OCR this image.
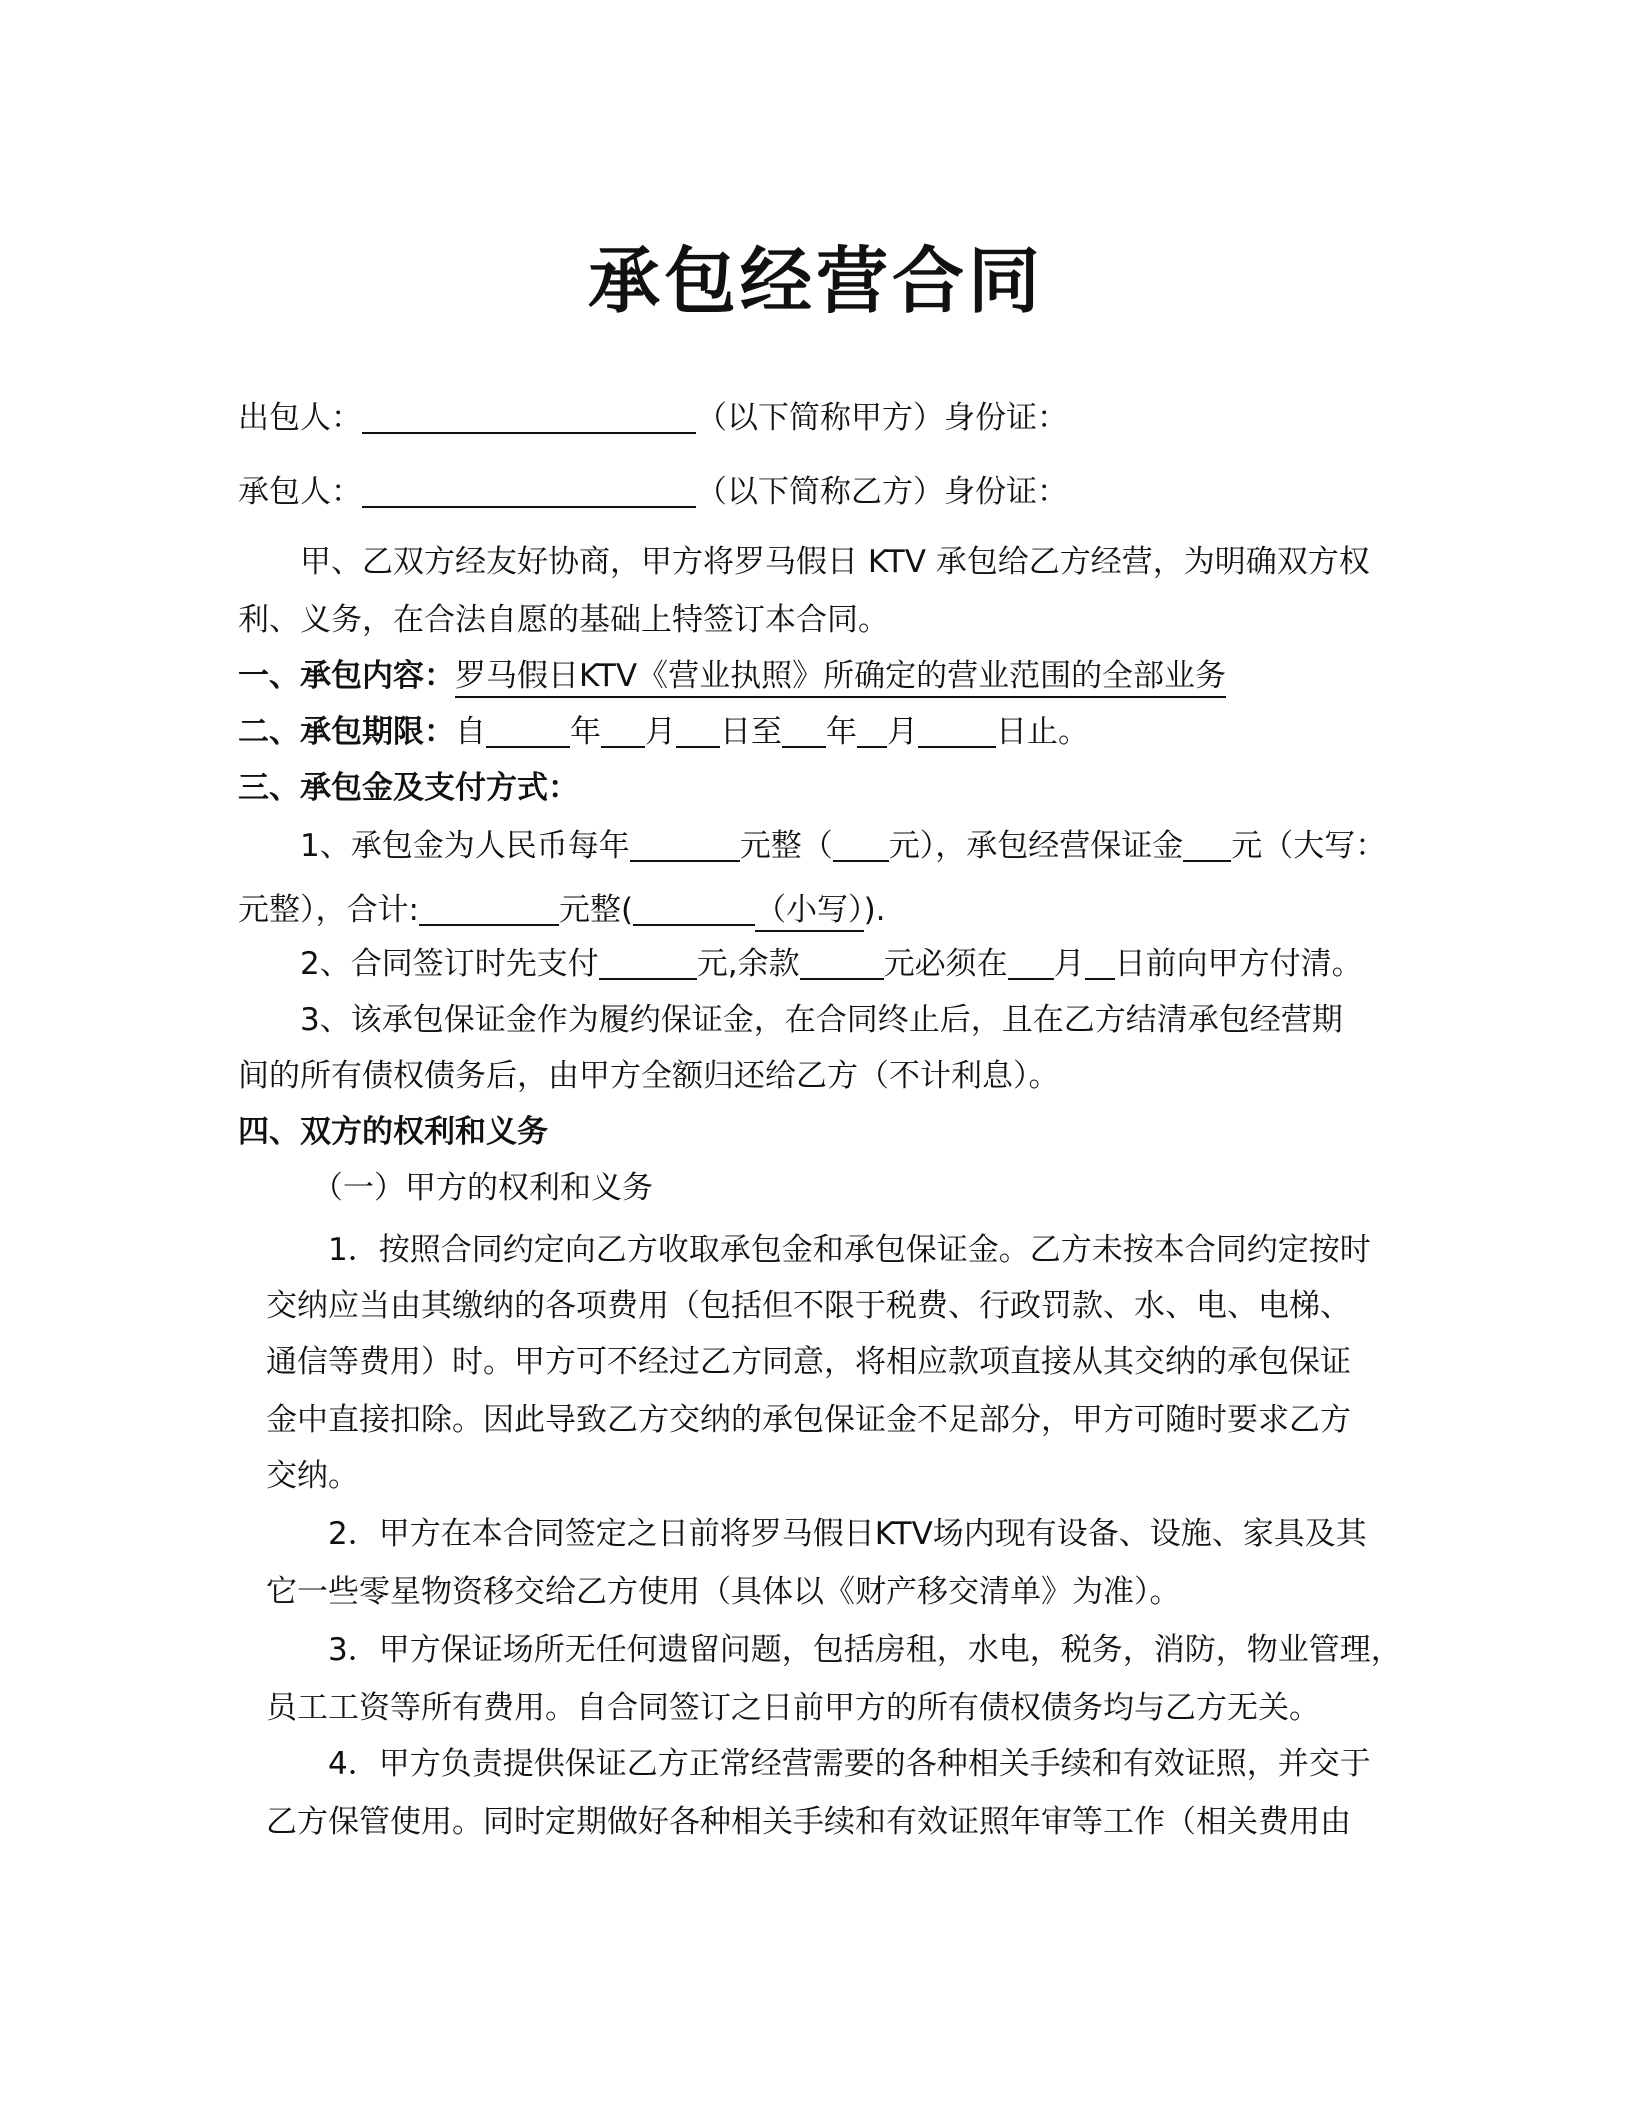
承包经营合同
出包人：	（以下简称甲方）身份证：
承包人：	（以下简称乙方）身份证：
甲、乙双方经友好协商，甲方将罗马假日 KTV 承包给乙方经营，为明确双方权
利、义务，在合法自愿的基础上特签订本合同。
一、承包内容：罗马假日KTV《营业执照》所确定的营业范围的全部业务
二、承包期限：自	年 月 日至 年 月	日止。
三、承包金及支付方式：
1、承包金为人民币每年	元整（ 元），承包经营保证金 元（大写：
元整），合计:	元整(	（小写）).
2、合同签订时先支付	元,余款	元必须在 月 日前向甲方付清。
3、该承包保证金作为履约保证金，在合同终止后，且在乙方结清承包经营期
间的所有债权债务后，由甲方全额归还给乙方（不计利息）。
四、双方的权利和义务
（一）甲方的权利和义务
1．按照合同约定向乙方收取承包金和承包保证金。乙方未按本合同约定按时
交纳应当由其缴纳的各项费用（包括但不限于税费、行政罚款、水、电、电梯、
通信等费用）时。甲方可不经过乙方同意，将相应款项直接从其交纳的承包保证
金中直接扣除。因此导致乙方交纳的承包保证金不足部分，甲方可随时要求乙方
交纳。
2．甲方在本合同签定之日前将罗马假日KTV场内现有设备、设施、家具及其
它一些零星物资移交给乙方使用（具体以《财产移交清单》为准）。
3．甲方保证场所无任何遗留问题，包括房租，水电，税务，消防，物业管理，
员工工资等所有费用。自合同签订之日前甲方的所有债权债务均与乙方无关。
4．甲方负责提供保证乙方正常经营需要的各种相关手续和有效证照，并交于
乙方保管使用。同时定期做好各种相关手续和有效证照年审等工作（相关费用由
